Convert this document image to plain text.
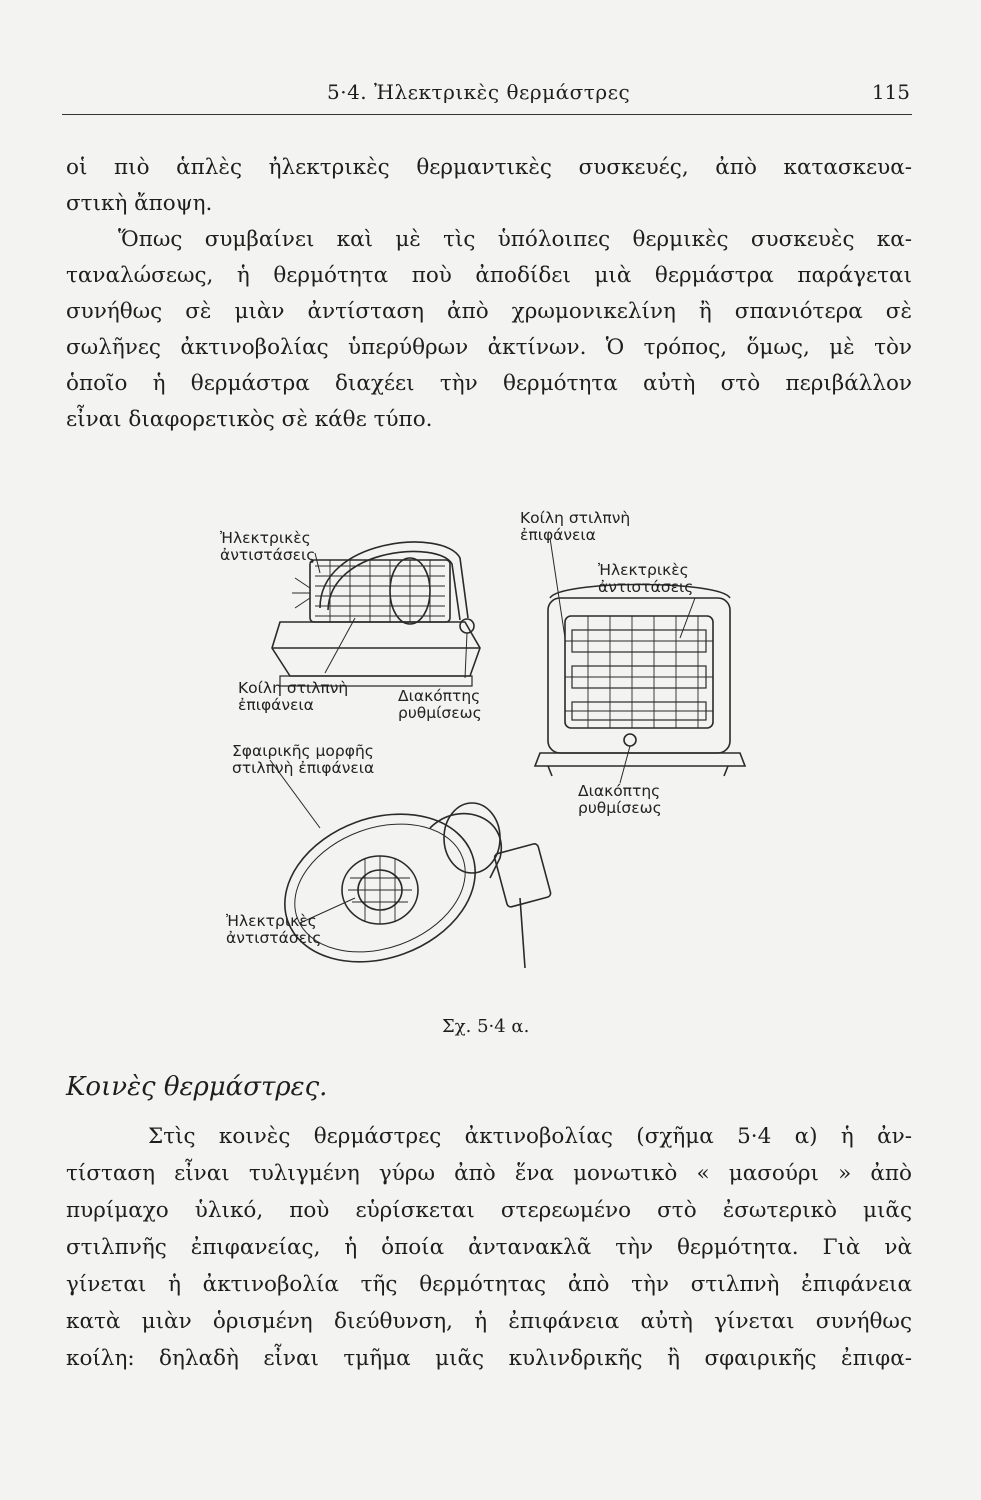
5·4. Ἠλεκτρικὲς θερμάστρες	115
οἱ πιὸ ἁπλὲς ἠλεκτρικὲς θερμαντικὲς συσκευές, ἀπὸ κατασκευα-
στικὴ ἄποψη.
Ὅπως συμβαίνει καὶ μὲ τὶς ὑπόλοιπες θερμικὲς συσκευὲς κα-
ταναλώσεως, ἡ θερμότητα ποὺ ἀποδίδει μιὰ θερμάστρα παράγεται
συνήθως σὲ μιὰν ἀντίσταση ἀπὸ χρωμονικελίνη ἢ σπανιότερα σὲ
σωλῆνες ἀκτινοβολίας ὑπερύθρων ἀκτίνων. Ὁ τρόπος, ὅμως, μὲ τὸν
ὁποῖο ἡ θερμάστρα διαχέει τὴν θερμότητα αὐτὴ στὸ περιβάλλον
εἶναι διαφορετικὸς σὲ κάθε τύπο.
Ἠλεκτρικὲς
ἀντιστάσεις
Κοίλη στιλπνὴ
ἐπιφάνεια
Ἠλεκτρικὲς
ἀντιστάσεις
Κοίλη στιλπνὴ
ἐπιφάνεια	Διακόπτης
ρυθμίσεως
Σφαιρικῆς μορφῆς
στιλπνὴ ἐπιφάνεια
Διακόπτης
ρυθμίσεως
Ἠλεκτρικὲς
ἀντιστάσεις
Σχ. 5·4 α.
Κοινὲς θερμάστρες.
Στὶς κοινὲς θερμάστρες ἀκτινοβολίας (σχῆμα 5·4 α) ἡ ἀν-
τίσταση εἶναι τυλιγμένη γύρω ἀπὸ ἕνα μονωτικὸ « μασούρι » ἀπὸ
πυρίμαχο ὑλικό, ποὺ εὑρίσκεται στερεωμένο στὸ ἐσωτερικὸ μιᾶς
στιλπνῆς ἐπιφανείας, ἡ ὁποία ἀντανακλᾶ τὴν θερμότητα. Γιὰ νὰ
γίνεται ἡ ἀκτινοβολία τῆς θερμότητας ἀπὸ τὴν στιλπνὴ ἐπιφάνεια
κατὰ μιὰν ὁρισμένη διεύθυνση, ἡ ἐπιφάνεια αὐτὴ γίνεται συνήθως
κοίλη: δηλαδὴ εἶναι τμῆμα μιᾶς κυλινδρικῆς ἢ σφαιρικῆς ἐπιφα-
